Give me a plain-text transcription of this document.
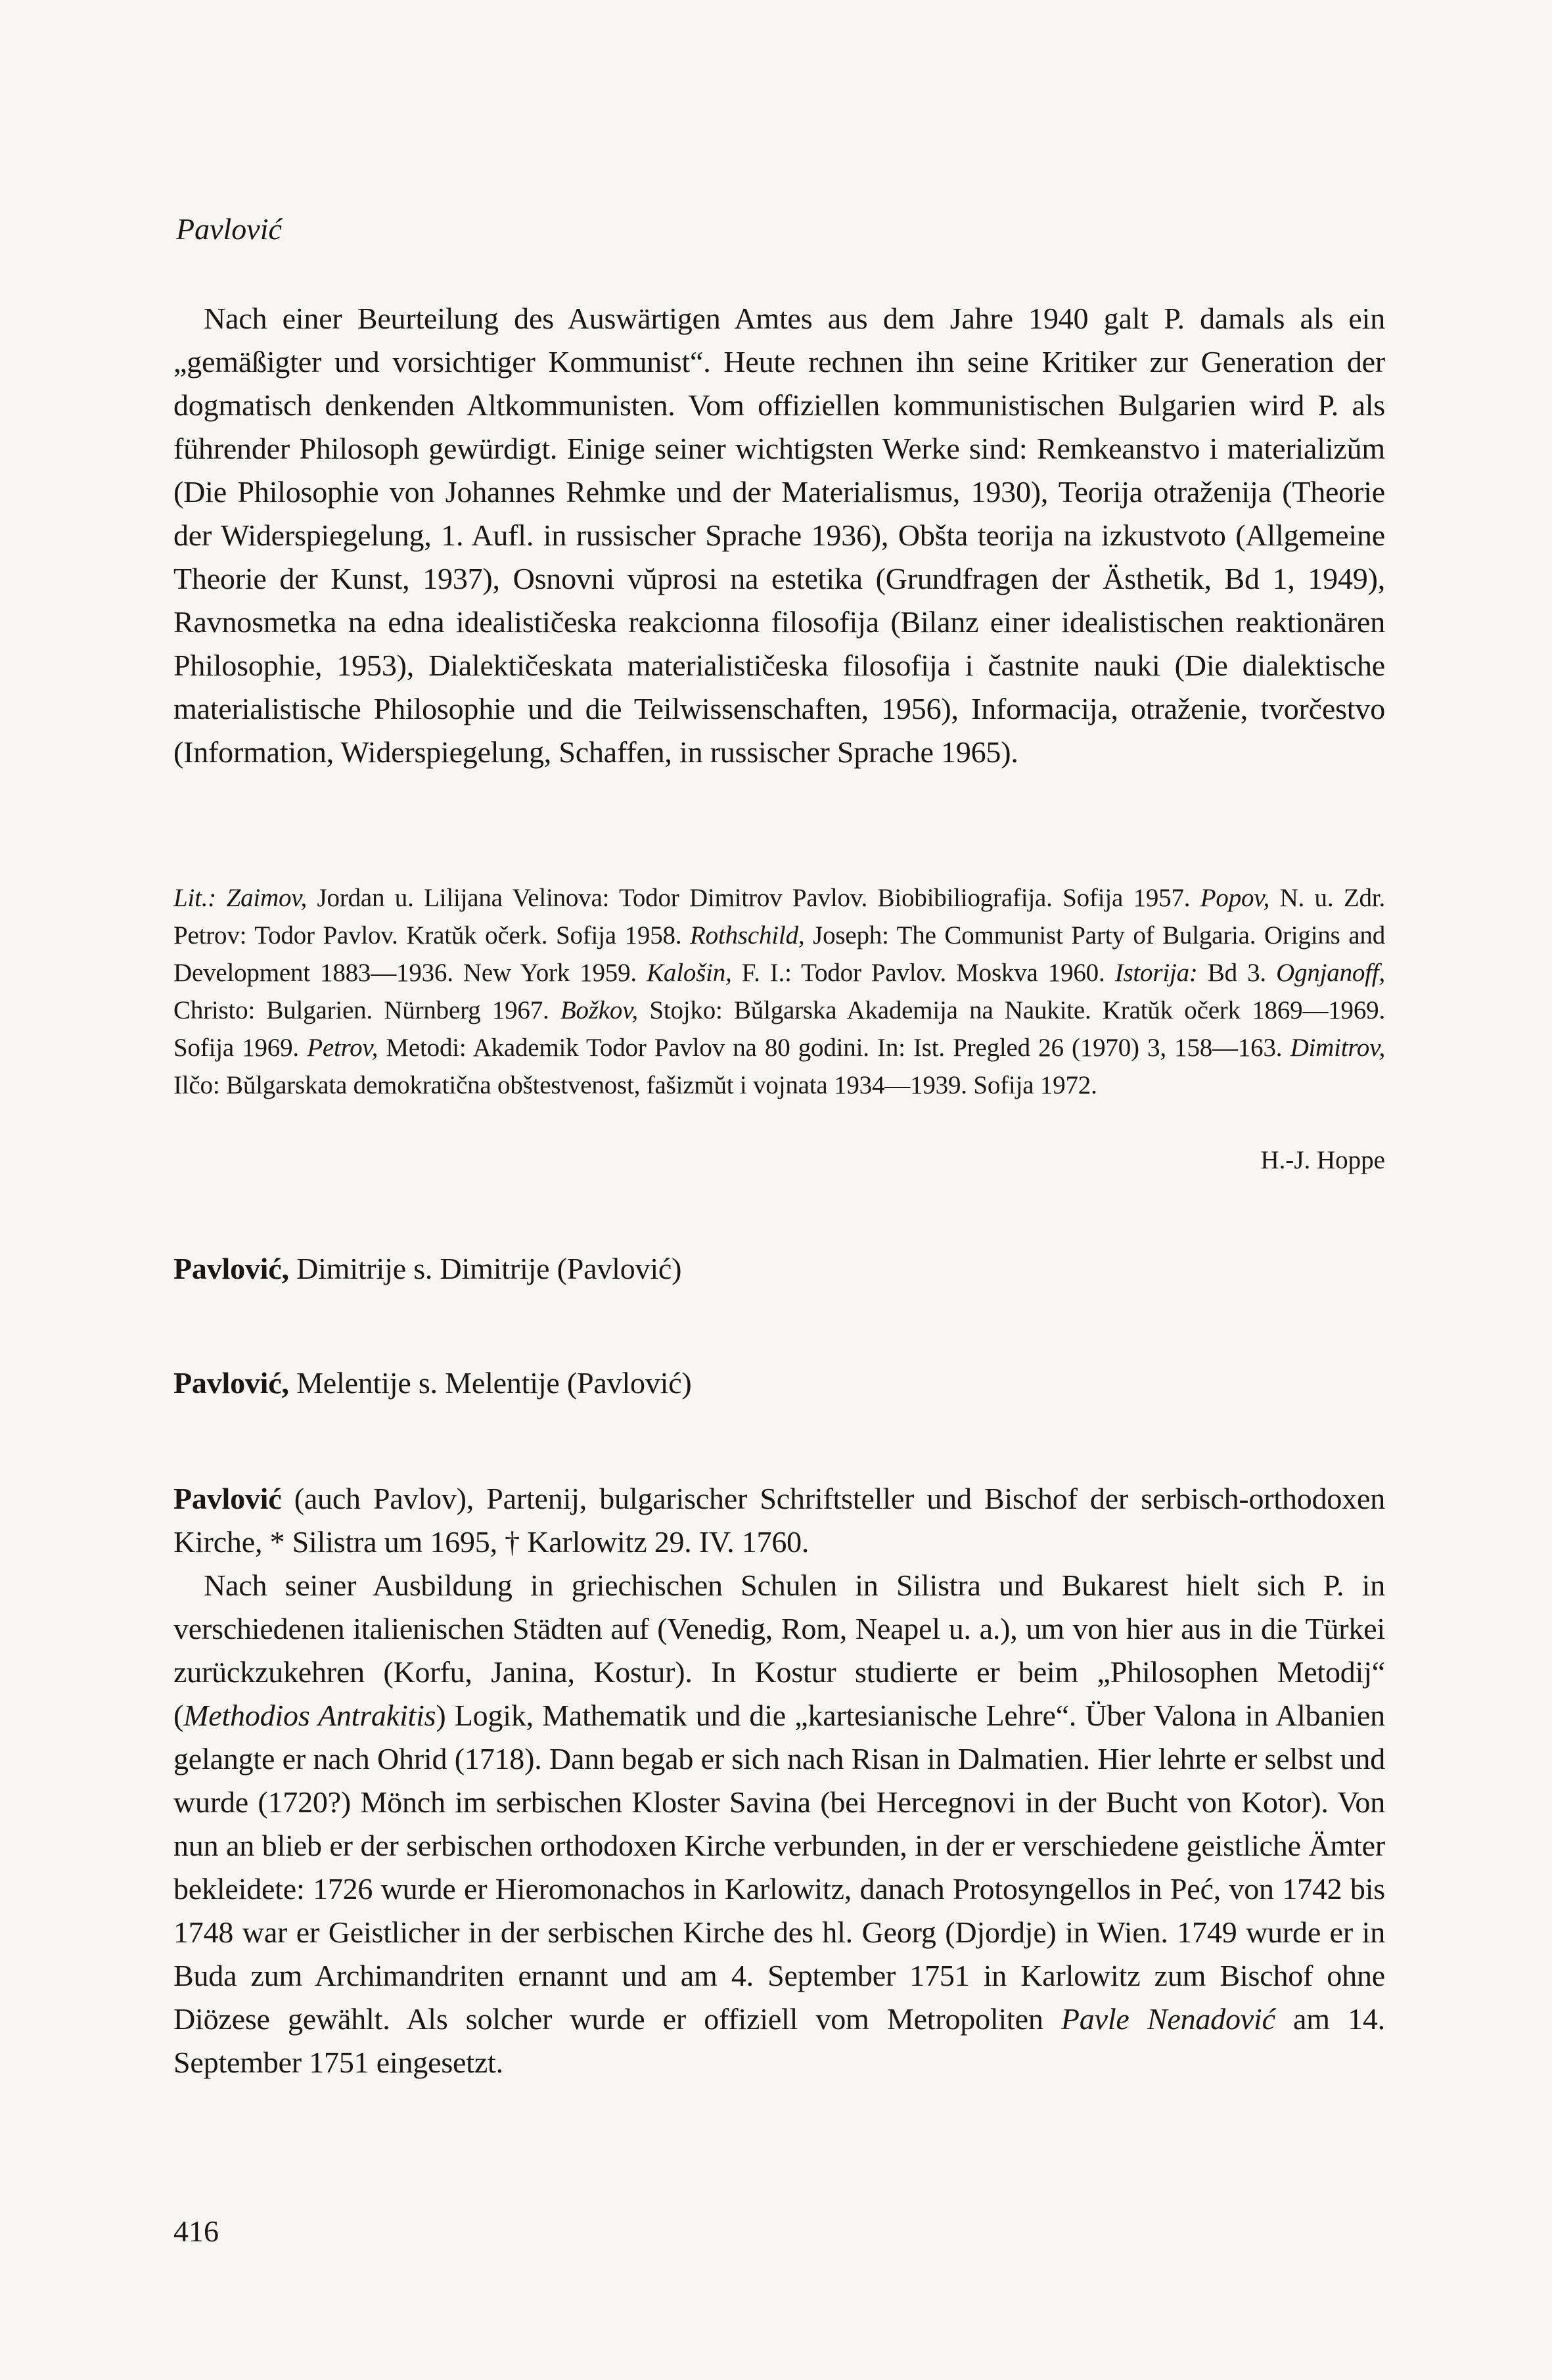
Pavlović

Nach einer Beurteilung des Auswärtigen Amtes aus dem Jahre 1940 galt P. damals als ein „gemäßigter und vorsichtiger Kommunist“. Heute rechnen ihn seine Kritiker zur Generation der dogmatisch denkenden Altkommunisten. Vom offiziellen kommunistischen Bulgarien wird P. als führender Philosoph gewürdigt. Einige seiner wichtigsten Werke sind: Remkeanstvo i materializŭm (Die Philosophie von Johannes Rehmke und der Materialismus, 1930), Teorija otraženija (Theorie der Widerspiegelung, 1. Aufl. in russischer Sprache 1936), Obšta teorija na izkustvoto (Allgemeine Theorie der Kunst, 1937), Osnovni vŭprosi na estetika (Grundfragen der Ästhetik, Bd 1, 1949), Ravnosmetka na edna idealističeska reakcionna filosofija (Bilanz einer idealistischen reaktionären Philosophie, 1953), Dialektičeskata materialističeska filosofija i častnite nauki (Die dialektische materialistische Philosophie und die Teilwissenschaften, 1956), Informacija, otraženie, tvorčestvo (Information, Widerspiegelung, Schaffen, in russischer Sprache 1965).

Lit.: Zaimov, Jordan u. Lilijana Velinova: Todor Dimitrov Pavlov. Biobibiliografija. Sofija 1957. Popov, N. u. Zdr. Petrov: Todor Pavlov. Kratŭk očerk. Sofija 1958. Rothschild, Joseph: The Communist Party of Bulgaria. Origins and Development 1883—1936. New York 1959. Kalošin, F. I.: Todor Pavlov. Moskva 1960. Istorija: Bd 3. Ognjanoff, Christo: Bulgarien. Nürnberg 1967. Božkov, Stojko: Bŭlgarska Akademija na Naukite. Kratŭk očerk 1869—1969. Sofija 1969. Petrov, Metodi: Akademik Todor Pavlov na 80 godini. In: Ist. Pregled 26 (1970) 3, 158—163. Dimitrov, Ilčo: Bŭlgarskata demokratična obštestvenost, fašizmŭt i vojnata 1934—1939. Sofija 1972.

H.-J. Hoppe

Pavlović, Dimitrije s. Dimitrije (Pavlović)

Pavlović, Melentije s. Melentije (Pavlović)

Pavlović (auch Pavlov), Partenij, bulgarischer Schriftsteller und Bischof der serbisch-orthodoxen Kirche, * Silistra um 1695, † Karlowitz 29. IV. 1760.

Nach seiner Ausbildung in griechischen Schulen in Silistra und Bukarest hielt sich P. in verschiedenen italienischen Städten auf (Venedig, Rom, Neapel u. a.), um von hier aus in die Türkei zurückzukehren (Korfu, Janina, Kostur). In Kostur studierte er beim „Philosophen Metodij“ (Methodios Antrakitis) Logik, Mathematik und die „kartesianische Lehre“. Über Valona in Albanien gelangte er nach Ohrid (1718). Dann begab er sich nach Risan in Dalmatien. Hier lehrte er selbst und wurde (1720?) Mönch im serbischen Kloster Savina (bei Hercegnovi in der Bucht von Kotor). Von nun an blieb er der serbischen orthodoxen Kirche verbunden, in der er verschiedene geistliche Ämter bekleidete: 1726 wurde er Hieromonachos in Karlowitz, danach Protosyngellos in Peć, von 1742 bis 1748 war er Geistlicher in der serbischen Kirche des hl. Georg (Djordje) in Wien. 1749 wurde er in Buda zum Archimandriten ernannt und am 4. September 1751 in Karlowitz zum Bischof ohne Diözese gewählt. Als solcher wurde er offiziell vom Metropoliten Pavle Nenadović am 14. September 1751 eingesetzt.

416
